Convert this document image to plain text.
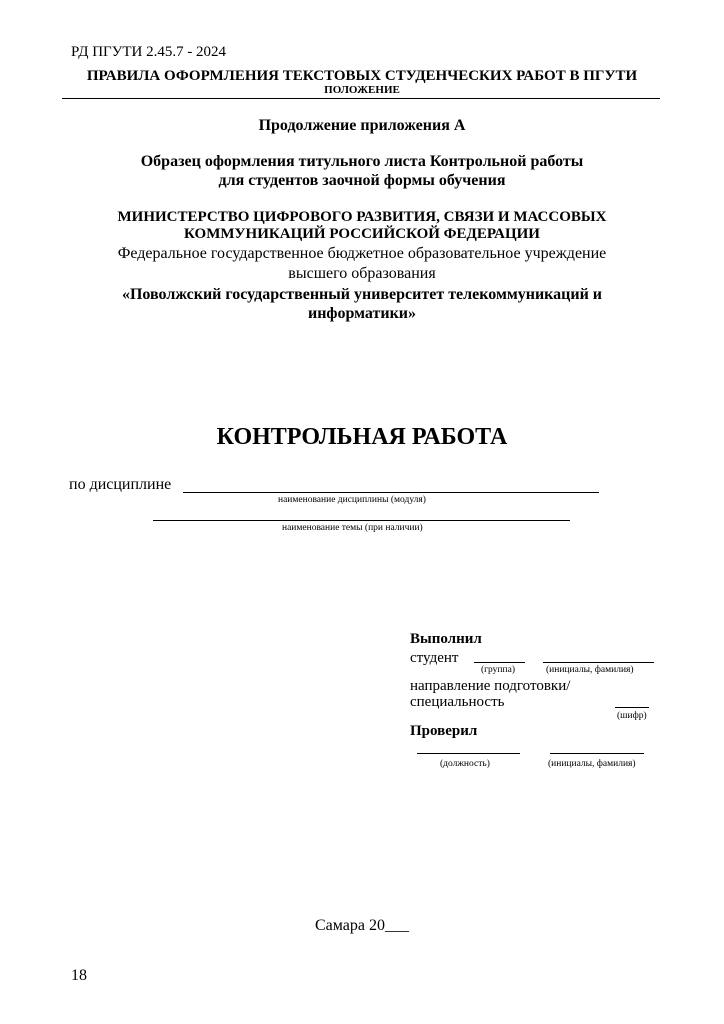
РД ПГУТИ 2.45.7 - 2024
ПРАВИЛА ОФОРМЛЕНИЯ ТЕКСТОВЫХ СТУДЕНЧЕСКИХ РАБОТ В ПГУТИ
ПОЛОЖЕНИЕ
Продолжение приложения А
Образец оформления титульного листа Контрольной работы
для студентов заочной формы обучения
МИНИСТЕРСТВО ЦИФРОВОГО РАЗВИТИЯ, СВЯЗИ И МАССОВЫХ
КОММУНИКАЦИЙ РОССИЙСКОЙ ФЕДЕРАЦИИ
Федеральное государственное бюджетное образовательное учреждение
высшего образования
«Поволжский государственный университет телекоммуникаций и
информатики»
КОНТРОЛЬНАЯ РАБОТА
по дисциплине
наименование дисциплины (модуля)
наименование темы (при наличии)
Выполнил
студент
(группа)	(инициалы, фамилия)
направление подготовки/
специальность
(шифр)
Проверил
(должность)	(инициалы, фамилия)
Самара 20___
18
